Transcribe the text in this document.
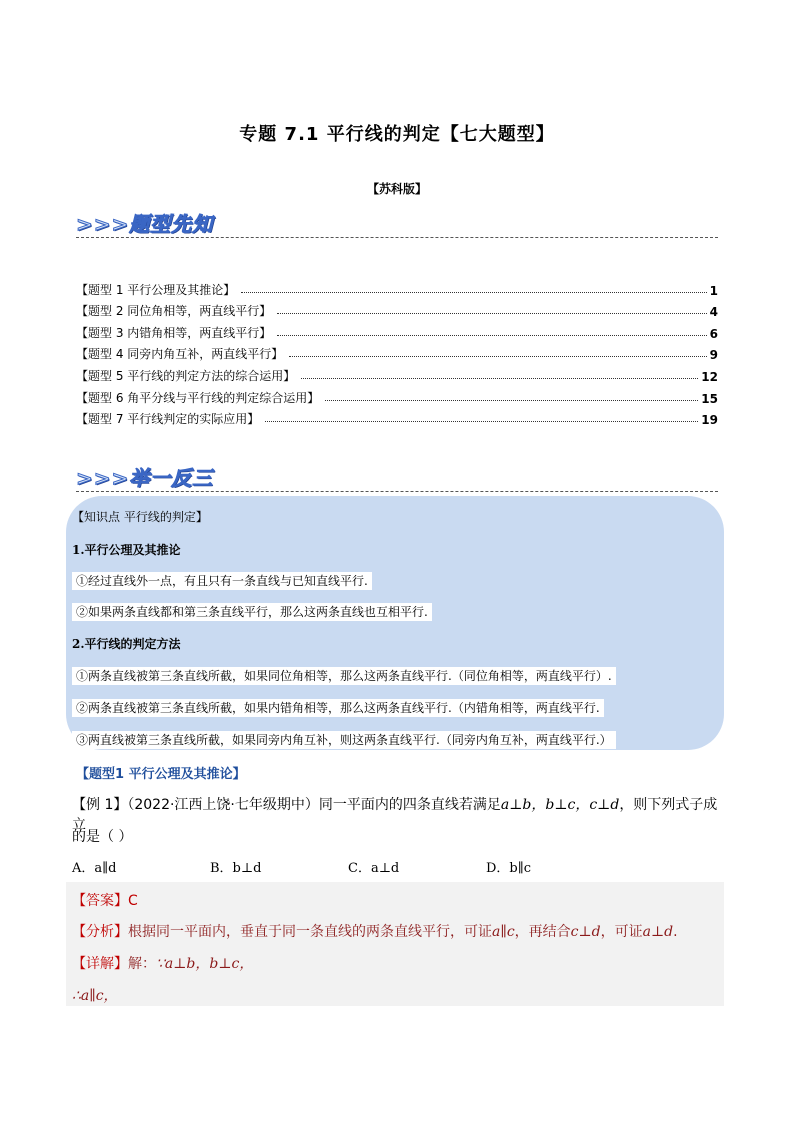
专题 7.1 平行线的判定【七大题型】
【苏科版】
>>>题型先知
【题型 1 平行公理及其推论】	1
【题型 2 同位角相等，两直线平行】	4
【题型 3 内错角相等，两直线平行】	6
【题型 4 同旁内角互补，两直线平行】	9
【题型 5 平行线的判定方法的综合运用】	12
【题型 6 角平分线与平行线的判定综合运用】	15
【题型 7 平行线判定的实际应用】	19
>>>举一反三
【知识点 平行线的判定】
1.平行公理及其推论
①经过直线外一点，有且只有一条直线与已知直线平行.
②如果两条直线都和第三条直线平行，那么这两条直线也互相平行.
2.平行线的判定方法
①两条直线被第三条直线所截，如果同位角相等，那么这两条直线平行.（同位角相等，两直线平行）.
②两条直线被第三条直线所截，如果内错角相等，那么这两条直线平行.（内错角相等，两直线平行.
③两直线被第三条直线所截，如果同旁内角互补，则这两条直线平行.（同旁内角互补，两直线平行.）
【题型1 平行公理及其推论】
【例 1】（2022·江西上饶·七年级期中）同一平面内的四条直线若满足a⊥b，b⊥c，c⊥d，则下列式子成立
的是（ ）
A．a∥d	B．b⊥d	C．a⊥d	D．b∥c
【答案】C
【分析】根据同一平面内，垂直于同一条直线的两条直线平行，可证a∥c，再结合c⊥d，可证a⊥d.
【详解】解：∵a⊥b，b⊥c，
∴a∥c，
